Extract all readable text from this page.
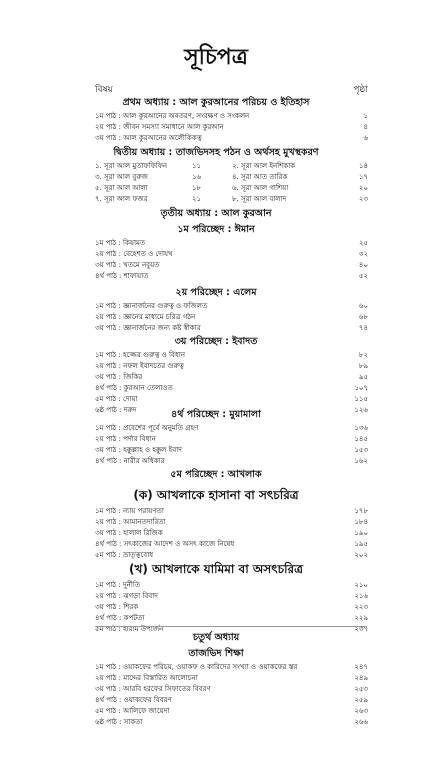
সূচিপত্র
বিষয়	পৃষ্ঠা
প্রথম অধ্যায় : আল কুরআনের পরিচয় ও ইতিহাস
১ম পাঠ : আল কুরআনের অবতরণ, সংরক্ষণ ও সংকলন	১
২য় পাঠ : জীবন সমস্যা সমাধানে আল কুরআন	৪
৩য় পাঠ : আল কুরআনের অলৌকিকত্ব	৬
দ্বিতীয় অধ্যায় : তাজভিদসহ পঠন ও অর্থসহ মুখস্থকরণ
১. সূরা আল মুতাফফিফিন	১১	২. সূরা আল ইনশিকাক	১৪
৩. সূরা আল বুরুজ	১৬	৪. সূরা আত তারিক	১৭
৫. সূরা আল আলা	১৮	৬. সূরা আল গাশিয়া	২০
৭. সূরা আল ফজর	২১	৮. সূরা আল বালাদ	২৩
তৃতীয় অধ্যায় : আল কুরআন
১ম পরিচ্ছেদ : ঈমান
১ম পাঠ : কিয়ামত	২৫
২য় পাঠ : বেহেশত ও দোযখ	৩২
৩য় পাঠ : খতমে নবুয়ত	৪০
৪র্থ পাঠ : শাফায়াত	৫২
২য় পরিচ্ছেদ : এলেম
১ম পাঠ : জ্ঞানার্জনের গুরুত্ব ও ফজিলত	৬০
২য় পাঠ : জ্ঞানের মাধ্যমে চরিত্র গঠন	৬৮
৩য় পাঠ : জ্ঞানার্জনের জন্য কষ্ট স্বীকার	৭৪
৩য় পরিচ্ছেদ : ইবাদত
১ম পাঠ : হজ্জের গুরুত্ব ও বিধান	৮২
২য় পাঠ : নফল ইবাদতের গুরুত্ব	৮৯
৩য় পাঠ : জিকির	৯৫
৪র্থ পাঠ : কুরআন তেলাওত	১০৭
৫ম পাঠ : দোয়া	১১৫
৬ষ্ঠ পাঠ : দরুদ	১২৬
৪র্থ পরিচ্ছেদ : মুয়ামালা
১ম পাঠ : প্রবেশের পূর্বে অনুমতি গ্রহণ	১৩৬
২য় পাঠ : পর্দার বিধান	১৪৫
৩য় পাঠ : হক্কুল্লাহ ও হক্কুল ইবাদ	১৫৩
৪র্থ পাঠ : নারীর অধিকার	১৬২
৫ম পরিচ্ছেদ : আখলাক
(ক) আখলাকে হাসানা বা সৎচরিত্র
১ম পাঠ : ন্যায় পরায়ণতা	১৭৮
২য় পাঠ : আমানতদারিতা	১৮৪
৩য় পাঠ : হালাল রিজিক	১৯০
৪র্থ পাঠ : সৎকাজের আদেশ ও অসৎ কাজে নিষেধ	১৯৫
৫ম পাঠ : ভ্রাতৃত্ববোধ	২০২
(খ) আখলাকে যামিমা বা অসৎচরিত্র
১ম পাঠ : দুর্নীতি	২১০
২য় পাঠ : ঝগড়া বিবাদ	২১৬
৩য় পাঠ : শিরক	২২৩
৪র্থ পাঠ : কপটতা	২২৯
৫ম পাঠ : হারাম উপার্জন	২৩৭
চতুর্থ অধ্যায়
তাজভিদ শিক্ষা
১ম পাঠ : ওয়াকফের পরিচয়, ওয়াকফ ও কারিদের সংখ্যা ও ওয়াকফের স্তর	২৪৭
২য় পাঠ : মাদ্দের বিস্তারিত আলোচনা	২৪৯
৩য় পাঠ : আরবি হরফের সিফাতের বিবরণ	২৫৩
৪র্থ পাঠ : ওয়াকফের বিবরণ	২৫৯
৫ম পাঠ : আলিফে জায়েদা	২৬৩
৬ষ্ঠ পাঠ : সাকতা	২৬৬
